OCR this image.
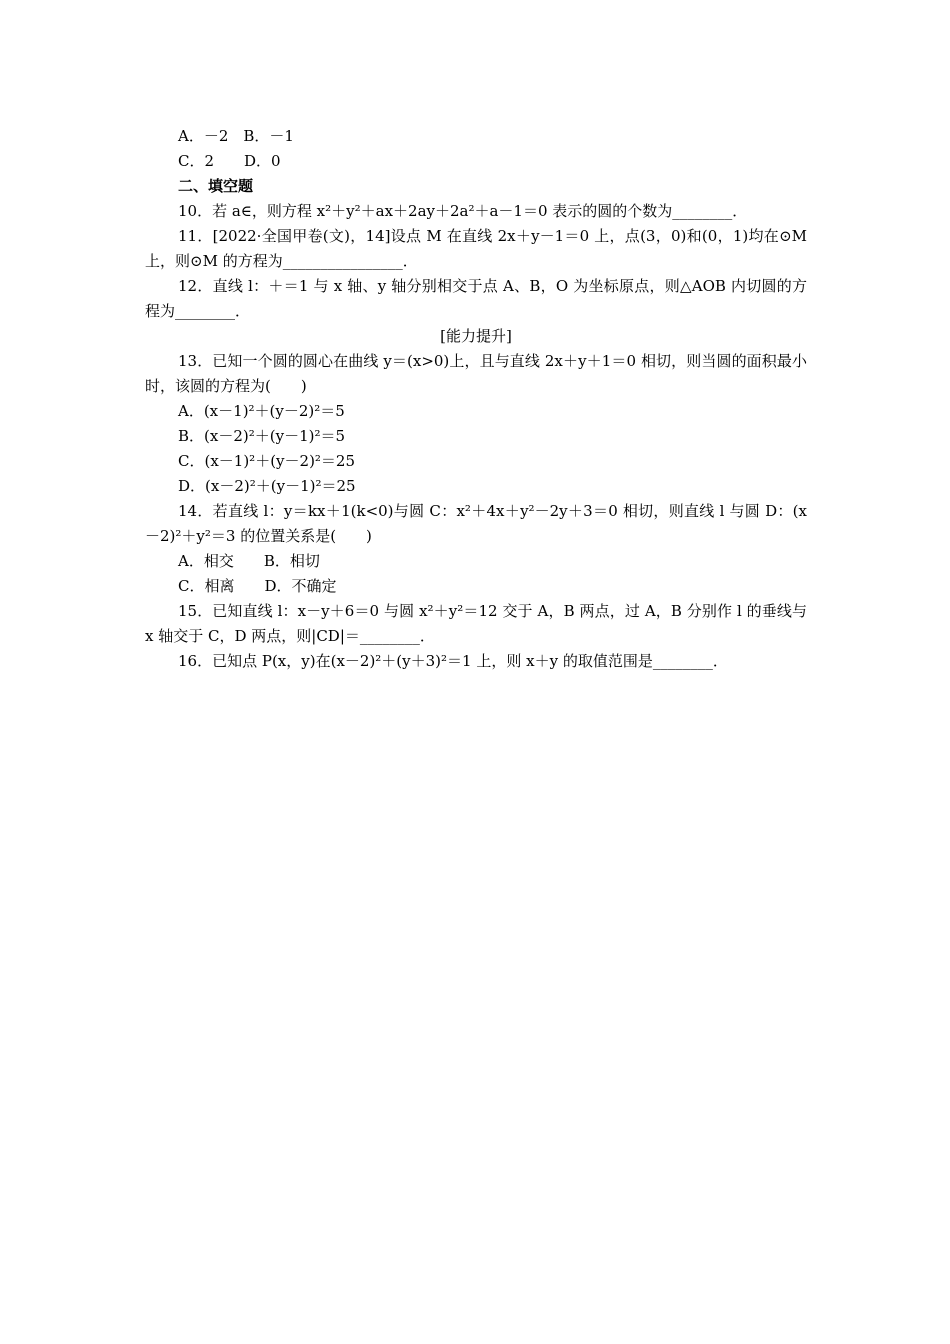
A．－2　B．－1
C．2　　D．0
二、填空题
10．若 a∈，则方程 x²＋y²＋ax＋2ay＋2a²＋a－1＝0 表示的圆的个数为________．
11．[2022·全国甲卷(文)，14]设点 M 在直线 2x＋y－1＝0 上，点(3，0)和(0，1)均在⊙M 上，则⊙M 的方程为________________．
12．直线 l：＋＝1 与 x 轴、y 轴分别相交于点 A、B，O 为坐标原点，则△AOB 内切圆的方程为________．
[能力提升]
13．已知一个圆的圆心在曲线 y＝(x>0)上，且与直线 2x＋y＋1＝0 相切，则当圆的面积最小时，该圆的方程为(　　)
A．(x－1)²＋(y－2)²＝5
B．(x－2)²＋(y－1)²＝5
C．(x－1)²＋(y－2)²＝25
D．(x－2)²＋(y－1)²＝25
14．若直线 l：y＝kx＋1(k<0)与圆 C：x²＋4x＋y²－2y＋3＝0 相切，则直线 l 与圆 D：(x－2)²＋y²＝3 的位置关系是(　　)
A．相交　　B．相切
C．相离　　D．不确定
15．已知直线 l：x－y＋6＝0 与圆 x²＋y²＝12 交于 A，B 两点，过 A，B 分别作 l 的垂线与 x 轴交于 C，D 两点，则|CD|＝________．
16．已知点 P(x，y)在(x－2)²＋(y＋3)²＝1 上，则 x＋y 的取值范围是________．
